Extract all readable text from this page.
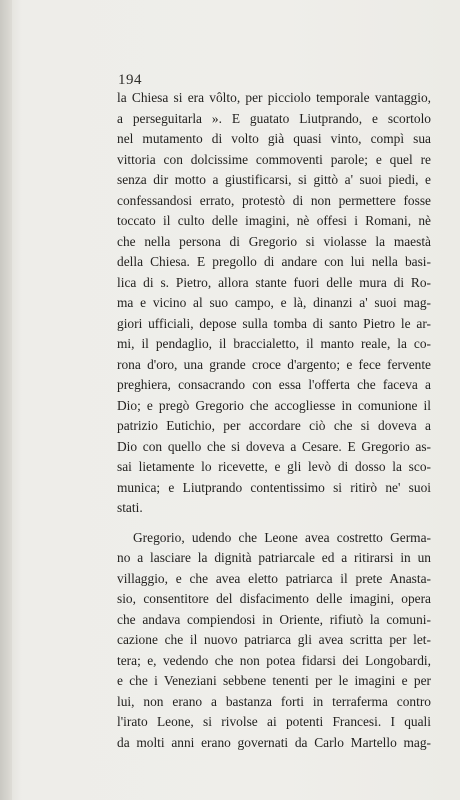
194
la Chiesa si era vôlto, per picciolo temporale vantaggio,
a perseguitarla ». E guatato Liutprando, e scortolo
nel mutamento di volto già quasi vinto, compì sua
vittoria con dolcissime commoventi parole; e quel re
senza dir motto a giustificarsi, si gittò a' suoi piedi, e
confessandosi errato, protestò di non permettere fosse
toccato il culto delle imagini, nè offesi i Romani, nè
che nella persona di Gregorio si violasse la maestà
della Chiesa. E pregollo di andare con lui nella basi-
lica di s. Pietro, allora stante fuori delle mura di Ro-
ma e vicino al suo campo, e là, dinanzi a' suoi mag-
giori ufficiali, depose sulla tomba di santo Pietro le ar-
mi, il pendaglio, il braccialetto, il manto reale, la co-
rona d'oro, una grande croce d'argento; e fece fervente
preghiera, consacrando con essa l'offerta che faceva a
Dio; e pregò Gregorio che accogliesse in comunione il
patrizio Eutichio, per accordare ciò che si doveva a
Dio con quello che si doveva a Cesare. E Gregorio as-
sai lietamente lo ricevette, e gli levò di dosso la sco-
munica; e Liutprando contentissimo si ritirò ne' suoi
stati.
Gregorio, udendo che Leone avea costretto Germa-
no a lasciare la dignità patriarcale ed a ritirarsi in un
villaggio, e che avea eletto patriarca il prete Anasta-
sio, consentitore del disfacimento delle imagini, opera
che andava compiendosi in Oriente, rifiutò la comuni-
cazione che il nuovo patriarca gli avea scritta per let-
tera; e, vedendo che non potea fidarsi dei Longobardi,
e che i Veneziani sebbene tenenti per le imagini e per
lui, non erano a bastanza forti in terraferma contro
l'irato Leone, si rivolse ai potenti Francesi. I quali
da molti anni erano governati da Carlo Martello mag-
